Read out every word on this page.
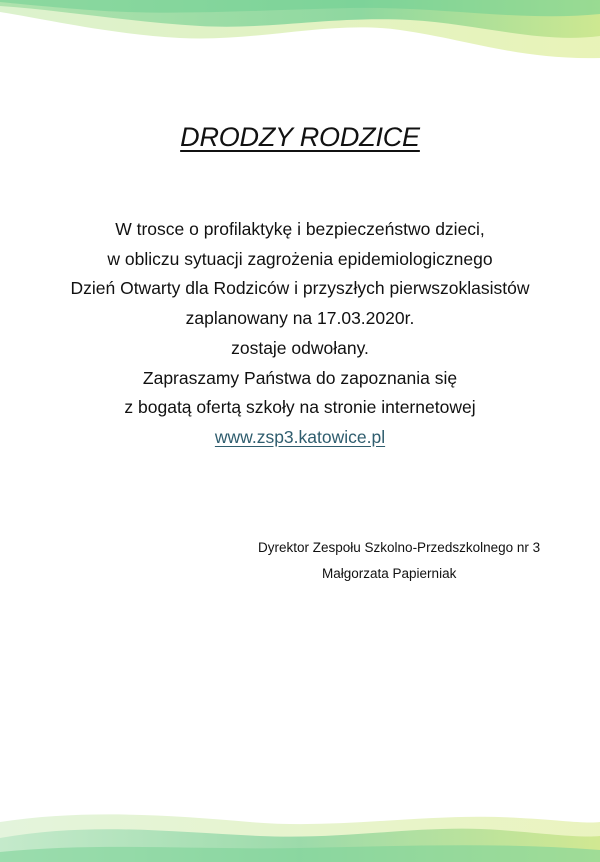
DRODZY RODZICE
W trosce o profilaktykę i bezpieczeństwo dzieci,
w obliczu sytuacji zagrożenia epidemiologicznego
Dzień Otwarty dla Rodziców i przyszłych pierwszoklasistów
zaplanowany na 17.03.2020r.
zostaje odwołany.
Zapraszamy Państwa do zapoznania się
z bogatą ofertą szkoły na stronie internetowej
www.zsp3.katowice.pl
Dyrektor Zespołu Szkolno-Przedszkolnego nr 3
Małgorzata Papierniak
